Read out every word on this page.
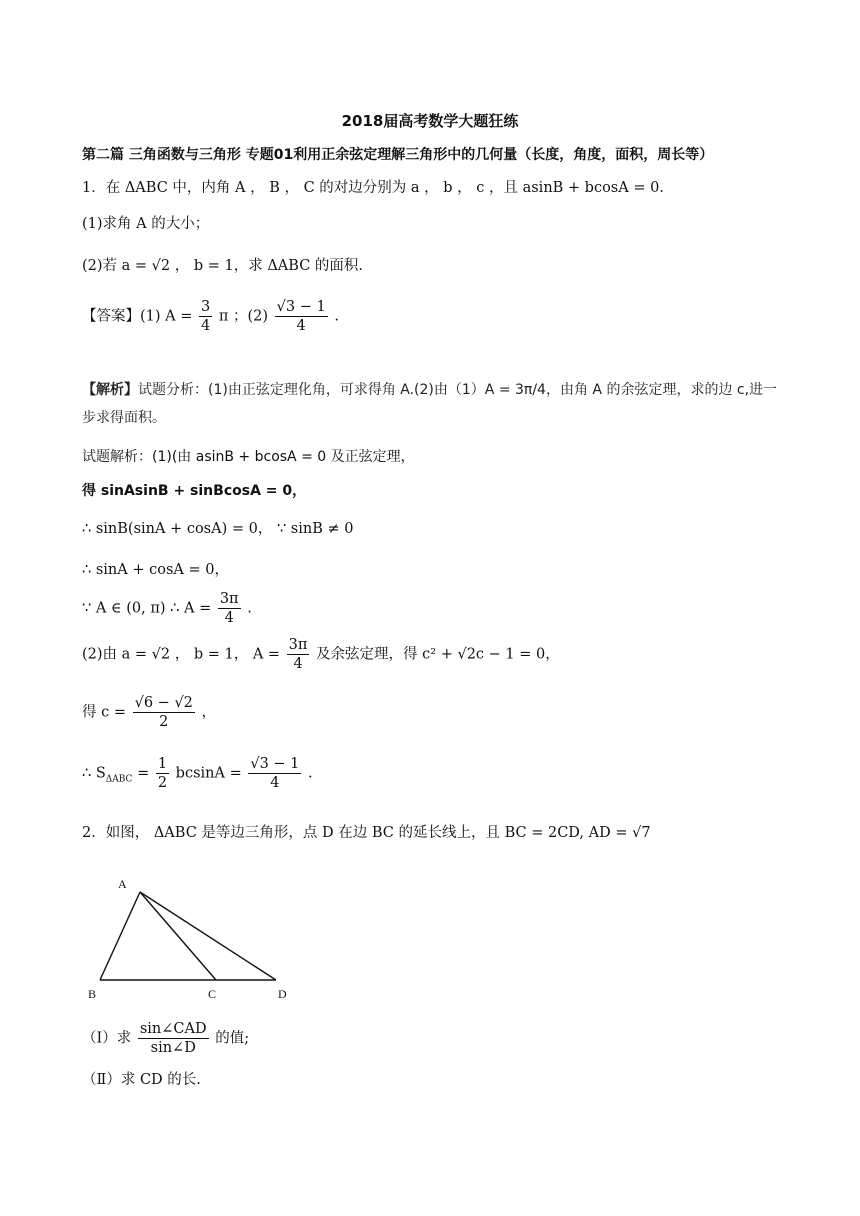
2018届高考数学大题狂练
第二篇 三角函数与三角形 专题01利用正余弦定理解三角形中的几何量（长度，角度，面积，周长等）
1．在 ΔABC 中，内角 A ， B ， C 的对边分别为 a ， b ， c ，且 asinB + bcosA = 0．
(1)求角 A 的大小；
(2)若 a = √2 ， b = 1，求 ΔABC 的面积.
【答案】(1) $A = \frac{3}{4}$ π ；$(2) \frac{√3 - 1}{4}$ .
【解析】试题分析：(1)由正弦定理化角，可求得角 A.(2)由（1）A = 3π/4，由角 A 的余弦定理，求的边 c,进一步求得面积。
试题解析：(1)(由 asinB + bcosA = 0 及正弦定理，
得 sinAsinB + sinBcosA = 0，
∴ sinB(sinA + cosA) = 0， ∵ sinB ≠ 0
∴ sinA + cosA = 0，
∵ A ∈ (0, π) ∴ $A = \frac{3\pi}{4}$ .
(2)由 a = √2 ， b = 1， $A = \frac{3\pi}{4}$ 及余弦定理，得 c² + √2c − 1 = 0，
得 $c = \frac{√6 - √2}{2}$ ，
∴ $S_{\Delta ABC} = \frac{1}{2}$ $bcsinA = \frac{√3 - 1}{4}$ .
2．如图， ΔABC 是等边三角形，点 D 在边 BC 的延长线上，且 BC = 2CD, AD = √7
A
B	C	D
（Ⅰ）求 $\frac{\text{sin∠CAD}}{\sin\angle D}$ 的值;
（Ⅱ）求 CD 的长.
